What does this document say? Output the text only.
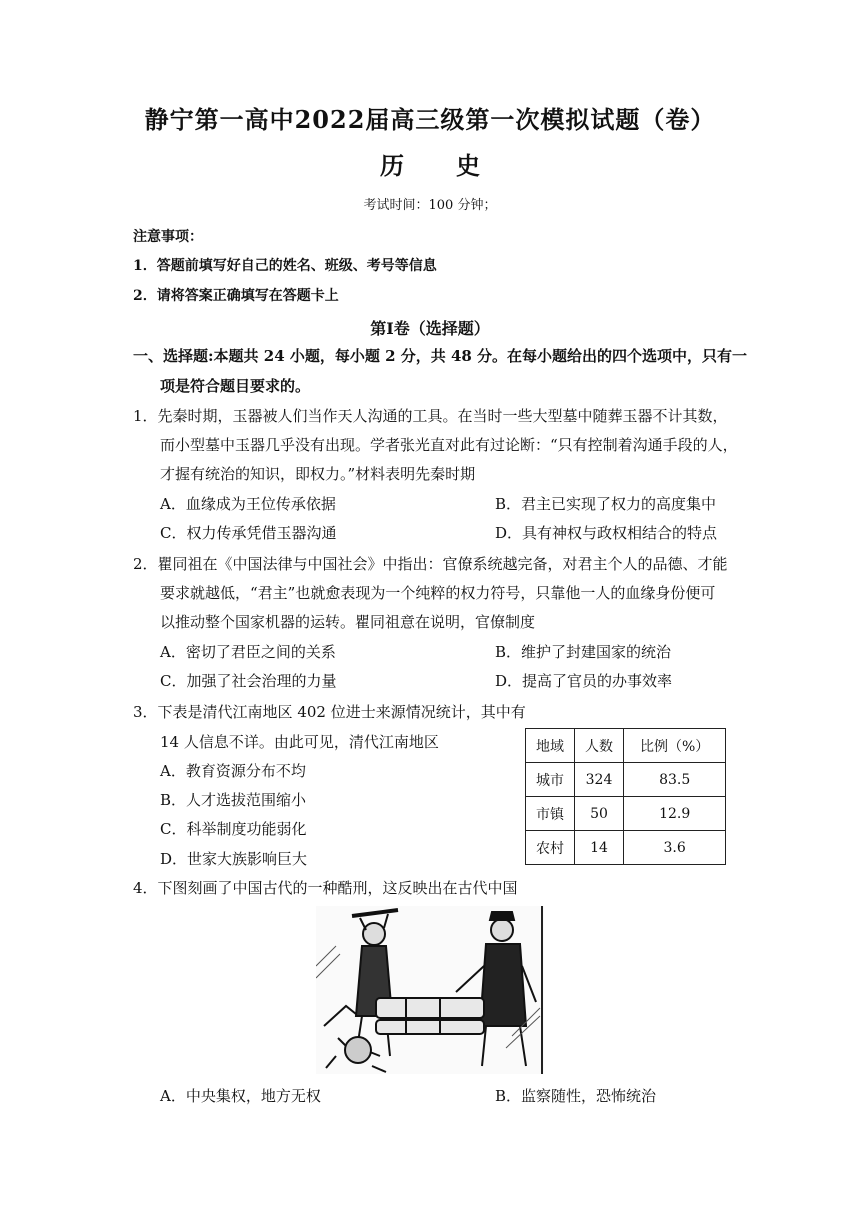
静宁第一高中2022届高三级第一次模拟试题（卷）
历 史
考试时间：100 分钟；
注意事项：
1．答题前填写好自己的姓名、班级、考号等信息
2．请将答案正确填写在答题卡上
第Ⅰ卷（选择题）
一、选择题:本题共 24 小题，每小题 2 分，共 48 分。在每小题给出的四个选项中，只有一
项是符合题目要求的。
1．先秦时期，玉器被人们当作天人沟通的工具。在当时一些大型墓中随葬玉器不计其数，
而小型墓中玉器几乎没有出现。学者张光直对此有过论断：“只有控制着沟通手段的人，
才握有统治的知识，即权力。”材料表明先秦时期
A．血缘成为王位传承依据	B．君主已实现了权力的高度集中
C．权力传承凭借玉器沟通	D．具有神权与政权相结合的特点
2．瞿同祖在《中国法律与中国社会》中指出：官僚系统越完备，对君主个人的品德、才能
要求就越低，“君主”也就愈表现为一个纯粹的权力符号，只靠他一人的血缘身份便可
以推动整个国家机器的运转。瞿同祖意在说明，官僚制度
A．密切了君臣之间的关系	B．维护了封建国家的统治
C．加强了社会治理的力量	D．提高了官员的办事效率
3．下表是清代江南地区 402 位进士来源情况统计，其中有
14 人信息不详。由此可见，清代江南地区
A．教育资源分布不均
B．人才选拔范围缩小
C．科举制度功能弱化
D．世家大族影响巨大
地域	人数	比例（%）
城市	324	83.5
市镇	50	12.9
农村	14	3.6
4．下图刻画了中国古代的一种酷刑，这反映出在古代中国
A．中央集权，地方无权	B．监察随性，恐怖统治
